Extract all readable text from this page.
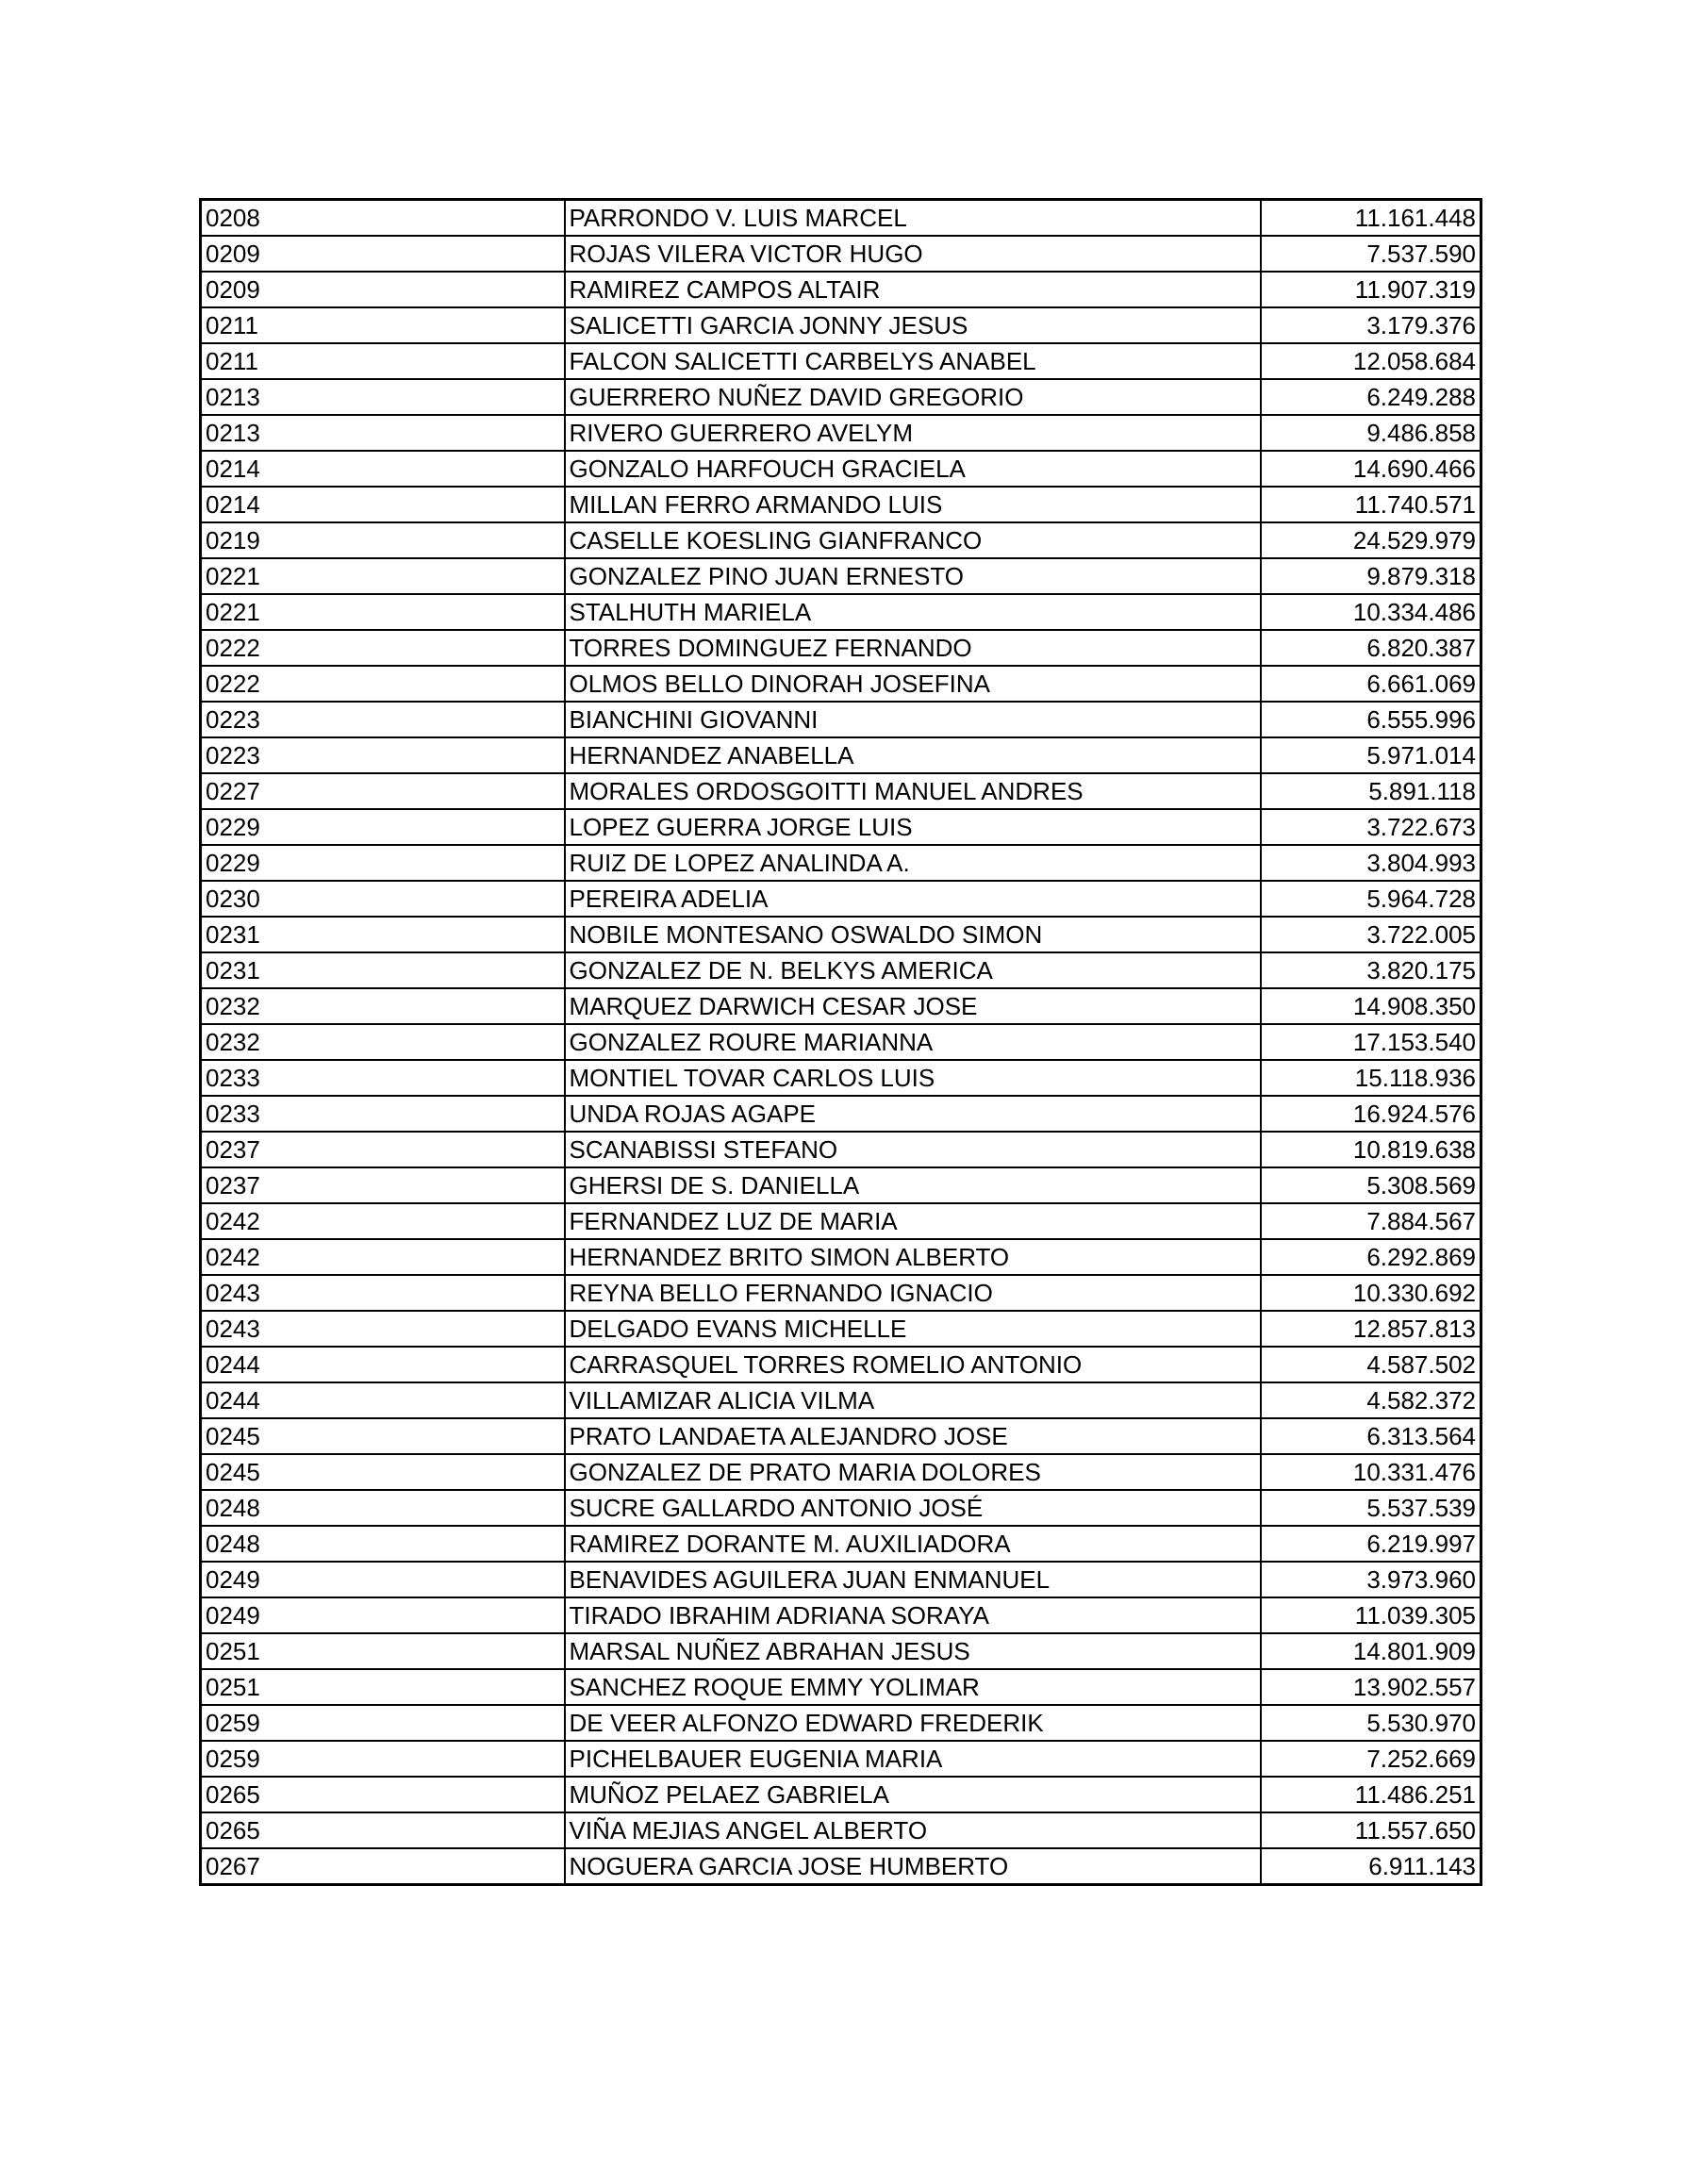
0208	PARRONDO V. LUIS MARCEL	11.161.448
0209	ROJAS VILERA VICTOR HUGO	7.537.590
0209	RAMIREZ CAMPOS ALTAIR	11.907.319
0211	SALICETTI GARCIA JONNY JESUS	3.179.376
0211	FALCON SALICETTI CARBELYS ANABEL	12.058.684
0213	GUERRERO NUÑEZ DAVID GREGORIO	6.249.288
0213	RIVERO GUERRERO AVELYM	9.486.858
0214	GONZALO HARFOUCH GRACIELA	14.690.466
0214	MILLAN FERRO ARMANDO LUIS	11.740.571
0219	CASELLE KOESLING GIANFRANCO	24.529.979
0221	GONZALEZ PINO JUAN ERNESTO	9.879.318
0221	STALHUTH MARIELA	10.334.486
0222	TORRES DOMINGUEZ FERNANDO	6.820.387
0222	OLMOS BELLO DINORAH JOSEFINA	6.661.069
0223	BIANCHINI GIOVANNI	6.555.996
0223	HERNANDEZ ANABELLA	5.971.014
0227	MORALES ORDOSGOITTI MANUEL ANDRES	5.891.118
0229	LOPEZ GUERRA JORGE LUIS	3.722.673
0229	RUIZ DE LOPEZ ANALINDA A.	3.804.993
0230	PEREIRA ADELIA	5.964.728
0231	NOBILE MONTESANO OSWALDO SIMON	3.722.005
0231	GONZALEZ DE N. BELKYS AMERICA	3.820.175
0232	MARQUEZ DARWICH CESAR JOSE	14.908.350
0232	GONZALEZ ROURE MARIANNA	17.153.540
0233	MONTIEL TOVAR CARLOS LUIS	15.118.936
0233	UNDA ROJAS AGAPE	16.924.576
0237	SCANABISSI STEFANO	10.819.638
0237	GHERSI DE S. DANIELLA	5.308.569
0242	FERNANDEZ LUZ DE MARIA	7.884.567
0242	HERNANDEZ BRITO SIMON ALBERTO	6.292.869
0243	REYNA BELLO FERNANDO IGNACIO	10.330.692
0243	DELGADO EVANS MICHELLE	12.857.813
0244	CARRASQUEL TORRES ROMELIO ANTONIO	4.587.502
0244	VILLAMIZAR ALICIA VILMA	4.582.372
0245	PRATO LANDAETA ALEJANDRO JOSE	6.313.564
0245	GONZALEZ DE PRATO MARIA DOLORES	10.331.476
0248	SUCRE GALLARDO ANTONIO JOSÉ	5.537.539
0248	RAMIREZ DORANTE M. AUXILIADORA	6.219.997
0249	BENAVIDES AGUILERA JUAN ENMANUEL	3.973.960
0249	TIRADO IBRAHIM ADRIANA SORAYA	11.039.305
0251	MARSAL NUÑEZ ABRAHAN JESUS	14.801.909
0251	SANCHEZ ROQUE EMMY YOLIMAR	13.902.557
0259	DE VEER ALFONZO EDWARD FREDERIK	5.530.970
0259	PICHELBAUER EUGENIA MARIA	7.252.669
0265	MUÑOZ PELAEZ GABRIELA	11.486.251
0265	VIÑA MEJIAS ANGEL ALBERTO	11.557.650
0267	NOGUERA GARCIA JOSE HUMBERTO	6.911.143
